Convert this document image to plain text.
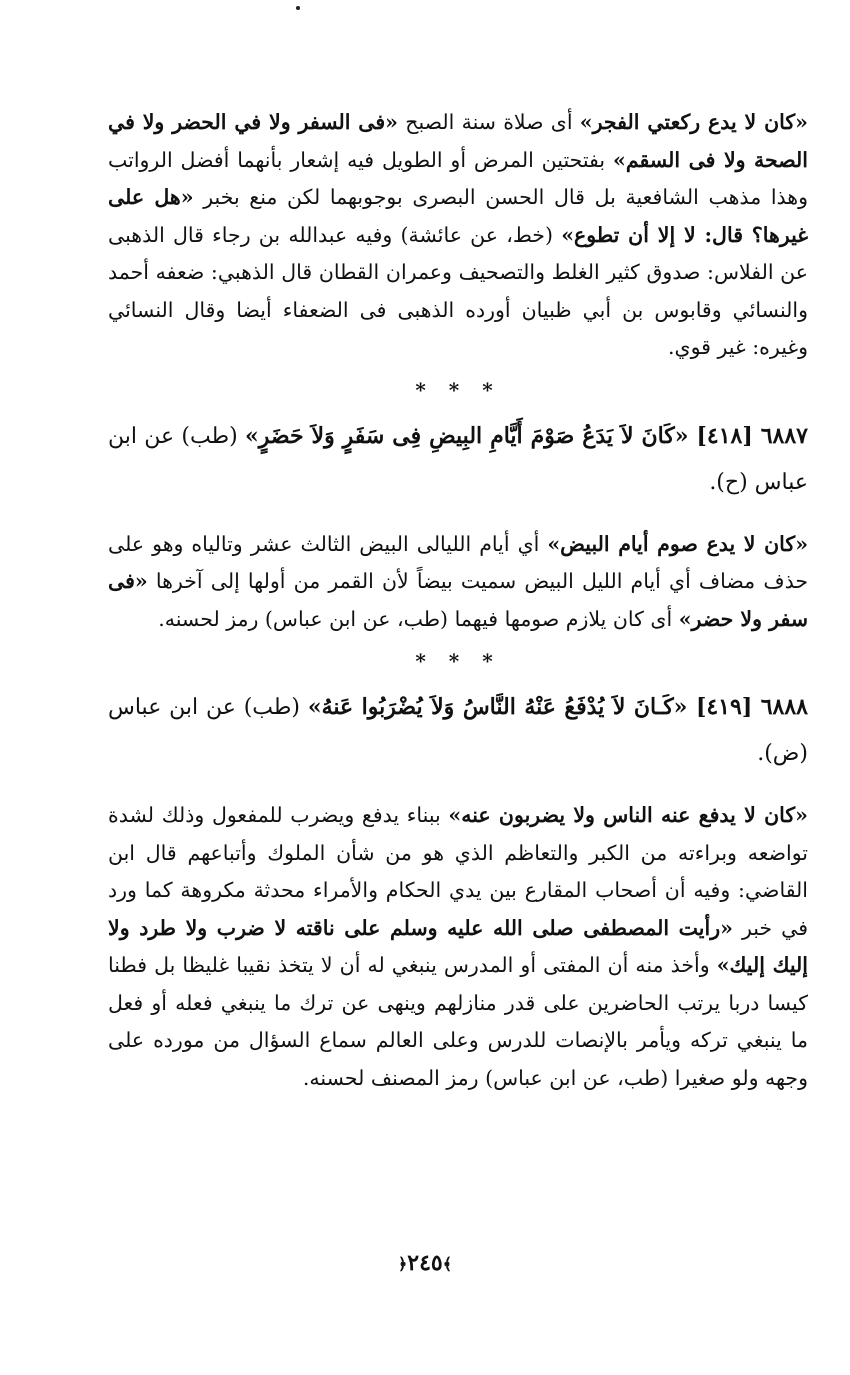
«كان لا يدع ركعتي الفجر» أى صلاة سنة الصبح «فى السفر ولا في الحضر ولا في الصحة ولا فى السقم» بفتحتين المرض أو الطويل فيه إشعار بأنهما أفضل الرواتب وهذا مذهب الشافعية بل قال الحسن البصرى بوجوبهما لكن منع بخبر «هل على غيرها؟ قال: لا إلا أن تطوع» (خط، عن عائشة) وفيه عبدالله بن رجاء قال الذهبى عن الفلاس: صدوق كثير الغلط والتصحيف وعمران القطان قال الذهبي: ضعفه أحمد والنسائي وقابوس بن أبي ظبيان أورده الذهبى فى الضعفاء أيضا وقال النسائي وغيره: غير قوي.

* * *

٦٨٨٧ [٤١٨] «كَانَ لاَ يَدَعُ صَوْمَ أَيَّامِ البِيضِ فِى سَفَرٍ وَلاَ حَضَرٍ» (طب) عن ابن عباس (ح).

«كان لا يدع صوم أيام البيض» أي أيام الليالى البيض الثالث عشر وتالياه وهو على حذف مضاف أي أيام الليل البيض سميت بيضاً لأن القمر من أولها إلى آخرها «فى سفر ولا حضر» أى كان يلازم صومها فيهما (طب، عن ابن عباس) رمز لحسنه.

* * *

٦٨٨٨ [٤١٩] «كَـانَ لاَ يُدْفَعُ عَنْهُ النَّاسُ وَلاَ يُضْرَبُوا عَنهُ» (طب) عن ابن عباس (ض).

«كان لا يدفع عنه الناس ولا يضربون عنه» ببناء يدفع ويضرب للمفعول وذلك لشدة تواضعه وبراءته من الكبر والتعاظم الذي هو من شأن الملوك وأتباعهم قال ابن القاضي: وفيه أن أصحاب المقارع بين يدي الحكام والأمراء محدثة مكروهة كما ورد في خبر «رأيت المصطفى صلى الله عليه وسلم على ناقته لا ضرب ولا طرد ولا إليك إليك» وأخذ منه أن المفتى أو المدرس ينبغي له أن لا يتخذ نقيبا غليظا بل فطنا كيسا دربا يرتب الحاضرين على قدر منازلهم وينهى عن ترك ما ينبغي فعله أو فعل ما ينبغي تركه ويأمر بالإنصات للدرس وعلى العالم سماع السؤال من مورده على وجهه ولو صغيرا (طب، عن ابن عباس) رمز المصنف لحسنه.

﴾٢٤٥﴿
